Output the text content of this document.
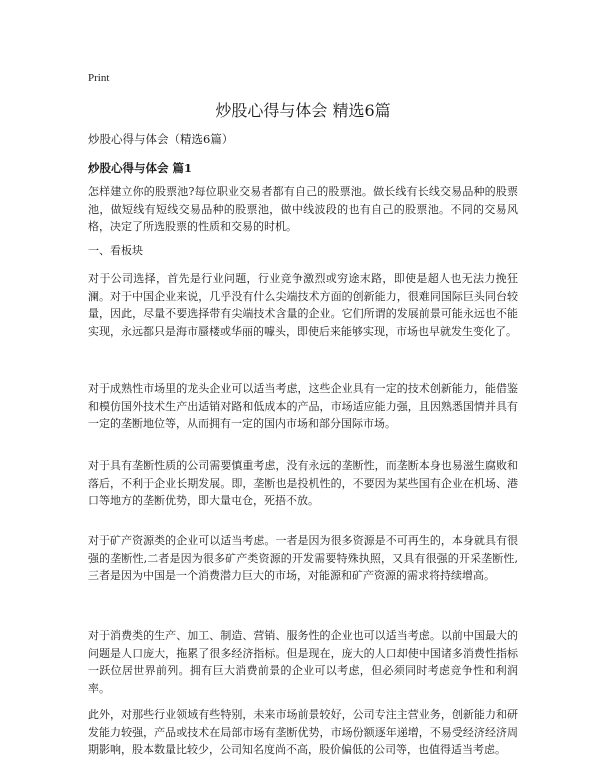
Print
炒股心得与体会 精选6篇
炒股心得与体会（精选6篇）
炒股心得与体会 篇1

怎样建立你的股票池?每位职业交易者都有自己的股票池。做长线有长线交易品种的股票池，做短线有短线交易品种的股票池，做中线波段的也有自己的股票池。不同的交易风格，决定了所选股票的性质和交易的时机。

一、看板块

对于公司选择，首先是行业问题，行业竞争激烈或穷途末路，即使是超人也无法力挽狂澜。对于中国企业来说，几乎没有什么尖端技术方面的创新能力，很难同国际巨头同台较量，因此，尽量不要选择带有尖端技术含量的企业。它们所谓的发展前景可能永远也不能实现，永远都只是海市蜃楼或华丽的噱头，即使后来能够实现，市场也早就发生变化了。

对于成熟性市场里的龙头企业可以适当考虑，这些企业具有一定的技术创新能力，能借鉴和模仿国外技术生产出适销对路和低成本的产品，市场适应能力强，且因熟悉国情并具有一定的垄断地位等，从而拥有一定的国内市场和部分国际市场。

对于具有垄断性质的公司需要慎重考虑，没有永远的垄断性，而垄断本身也易滋生腐败和落后，不利于企业长期发展。即，垄断也是投机性的，不要因为某些国有企业在机场、港口等地方的垄断优势，即大量屯仓，死捂不放。

对于矿产资源类的企业可以适当考虑。一者是因为很多资源是不可再生的，本身就具有很强的垄断性,二者是因为很多矿产类资源的开发需要特殊执照，又具有很强的开采垄断性,三者是因为中国是一个消费潜力巨大的市场，对能源和矿产资源的需求将持续增高。

对于消费类的生产、加工、制造、营销、服务性的企业也可以适当考虑。以前中国最大的问题是人口庞大，拖累了很多经济指标。但是现在，庞大的人口却使中国诸多消费性指标一跃位居世界前列。拥有巨大消费前景的企业可以考虑，但必须同时考虑竞争性和利润率。

此外，对那些行业领域有些特别，未来市场前景较好，公司专注主营业务，创新能力和研发能力较强，产品或技术在局部市场有垄断优势，市场份额逐年递增，不易受经济经济周期影响，股本数量比较少，公司知名度尚不高，股价偏低的公司等，也值得适当考虑。
